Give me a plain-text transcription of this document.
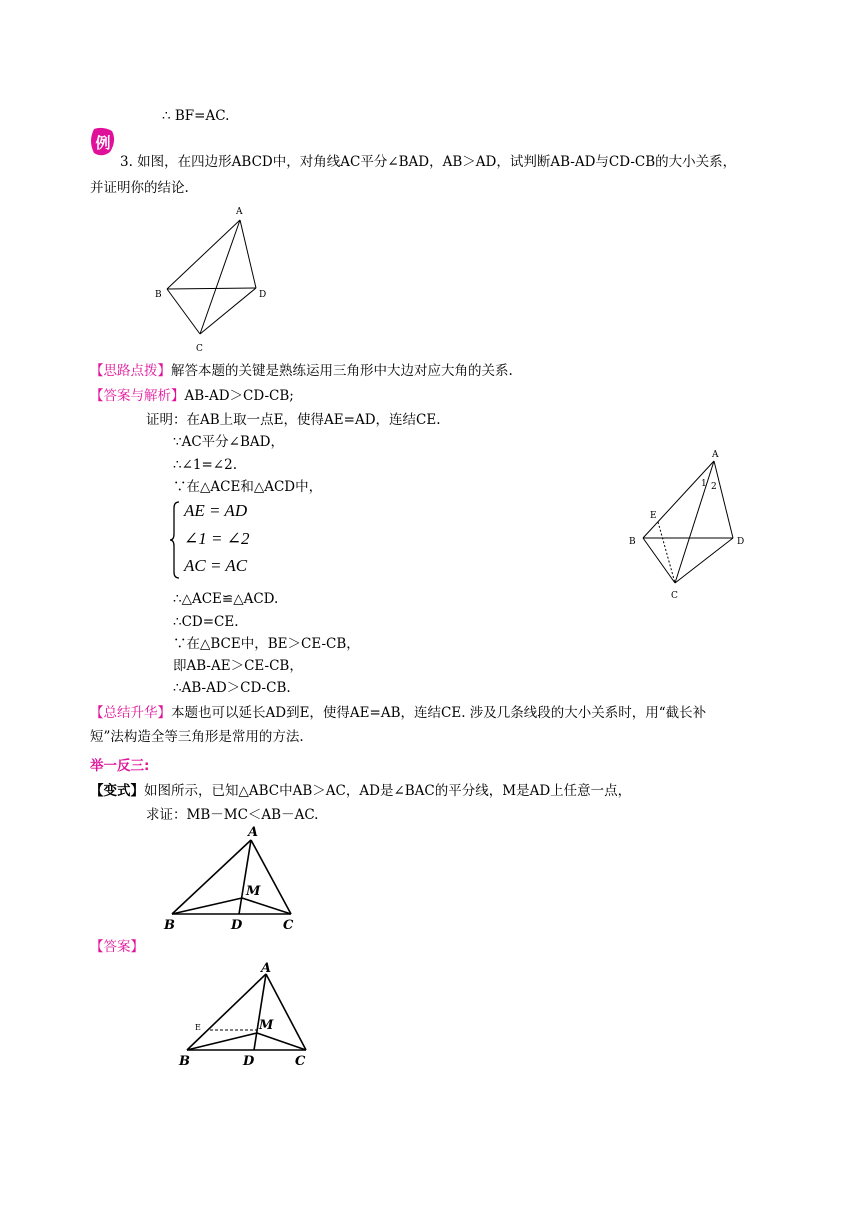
∴ BF=AC.
例
3. 如图，在四边形ABCD中，对角线AC平分∠BAD，AB＞AD，试判断AB-AD与CD-CB的大小关系，
并证明你的结论.
A
B	D
C
【思路点拨】解答本题的关键是熟练运用三角形中大边对应大角的关系.
【答案与解析】AB-AD＞CD-CB;
证明：在AB上取一点E，使得AE=AD，连结CE.
∵AC平分∠BAD，
∴∠1=∠2.
∵在△ACE和△ACD中，
AE = AD
∠1 = ∠2
AC = AC
∴△ACE≌△ACD.
∴CD=CE.
∵在△BCE中，BE＞CE-CB，
即AB-AE＞CE-CB，
∴AB-AD＞CD-CB.
A
1 2
E
B	D
C
【总结升华】本题也可以延长AD到E，使得AE=AB，连结CE. 涉及几条线段的大小关系时，用“截长补
短”法构造全等三角形是常用的方法.
举一反三:
【变式】如图所示，已知△ABC中AB＞AC，AD是∠BAC的平分线，M是AD上任意一点，
求证：MB－MC＜AB－AC.
A
M
B	D	C
【答案】
A
M
B	D	C
E
